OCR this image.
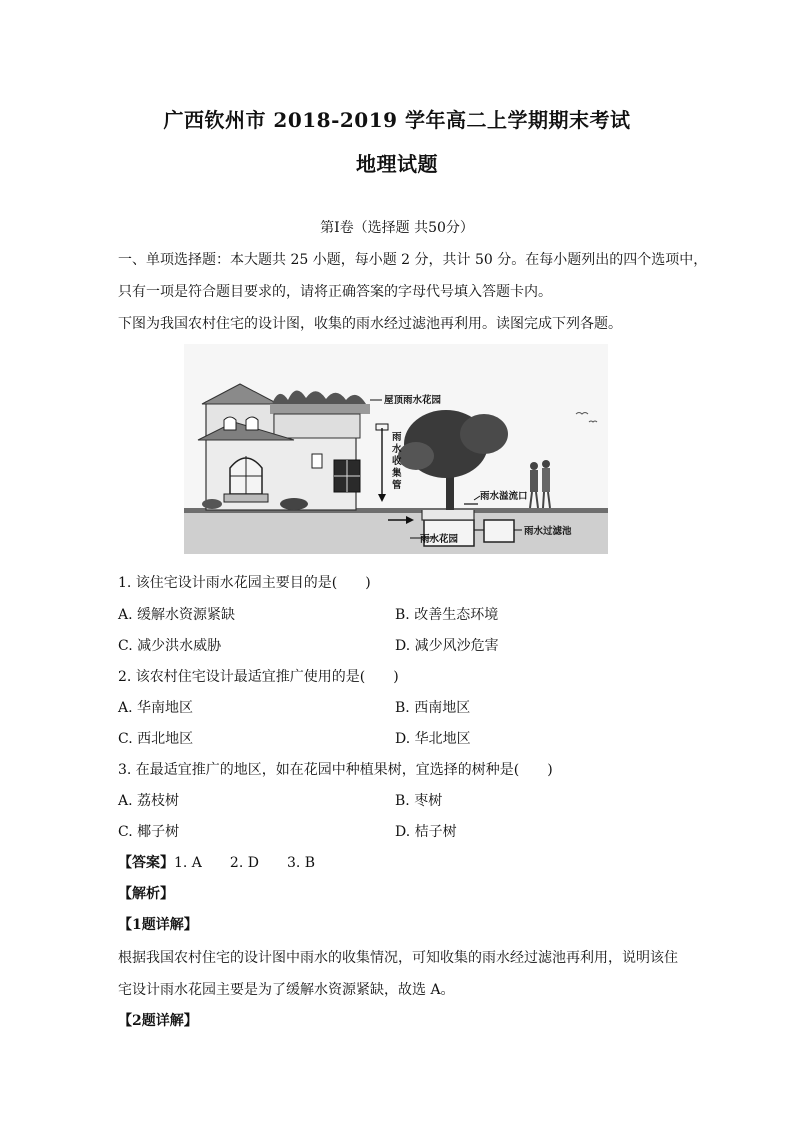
广西钦州市 2018-2019 学年高二上学期期末考试
地理试题
第Ⅰ卷（选择题 共50分）
一、单项选择题：本大题共 25 小题，每小题 2 分，共计 50 分。在每小题列出的四个选项中，
只有一项是符合题目要求的，请将正确答案的字母代号填入答题卡内。
下图为我国农村住宅的设计图，收集的雨水经过滤池再利用。读图完成下列各题。
屋顶雨水花园
雨
水
收
集
管
雨水溢流口
雨水花园
雨水过滤池
1. 该住宅设计雨水花园主要目的是(　　)
A. 缓解水资源紧缺	B. 改善生态环境
C. 减少洪水威胁	D. 减少风沙危害
2. 该农村住宅设计最适宜推广使用的是(　　)
A. 华南地区	B. 西南地区
C. 西北地区	D. 华北地区
3. 在最适宜推广的地区，如在花园中种植果树，宜选择的树种是(　　)
A. 荔枝树	B. 枣树
C. 椰子树	D. 桔子树
【答案】1. A　　2. D　　3. B
【解析】
【1题详解】
根据我国农村住宅的设计图中雨水的收集情况，可知收集的雨水经过滤池再利用，说明该住
宅设计雨水花园主要是为了缓解水资源紧缺，故选 A。
【2题详解】
